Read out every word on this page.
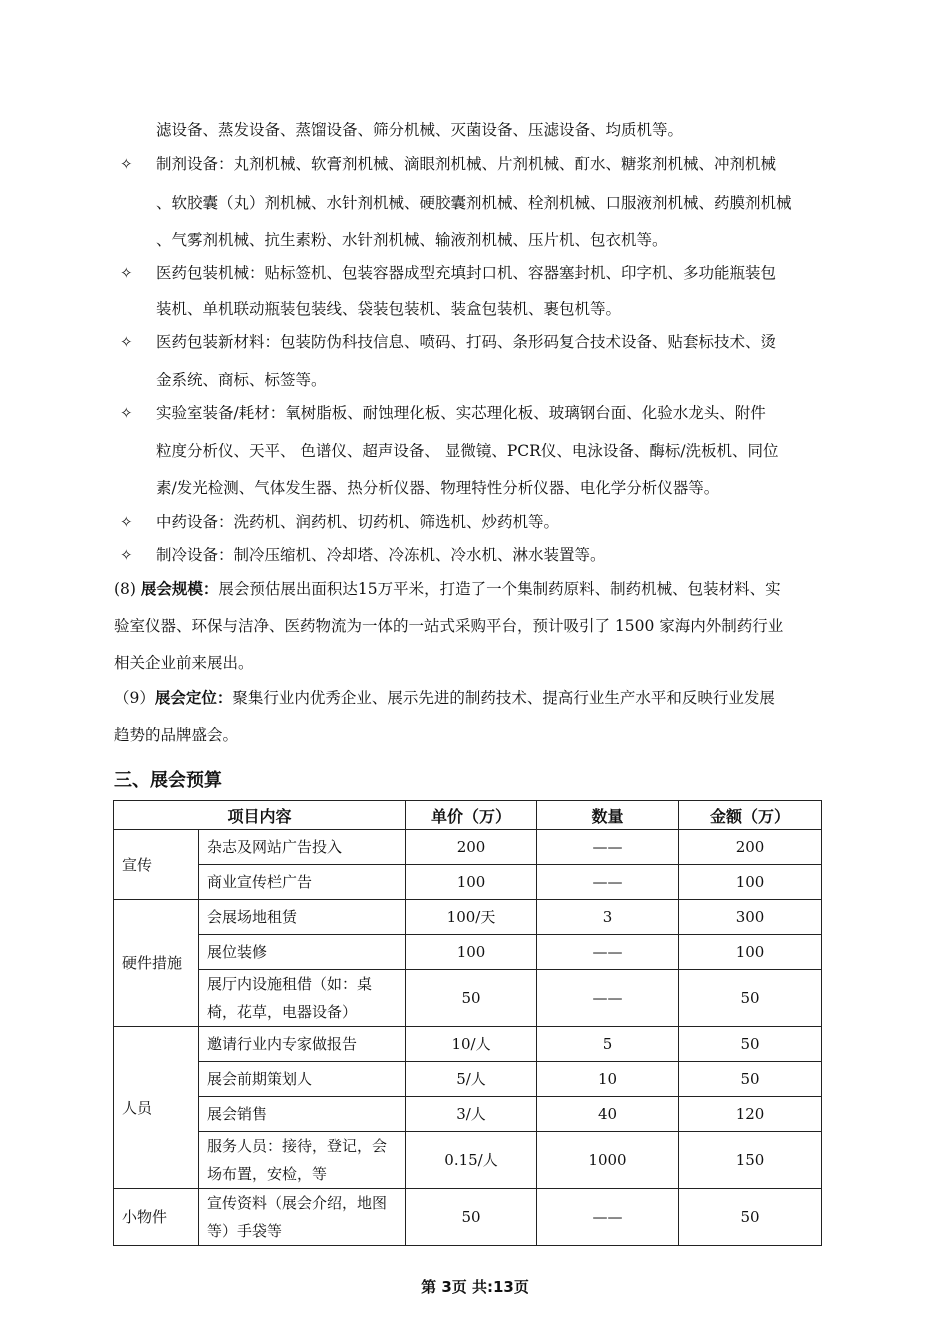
滤设备、蒸发设备、蒸馏设备、筛分机械、灭菌设备、压滤设备、均质机等。
✧ 制剂设备：丸剂机械、软膏剂机械、滴眼剂机械、片剂机械、酊水、糖浆剂机械、冲剂机械
、软胶囊（丸）剂机械、水针剂机械、硬胶囊剂机械、栓剂机械、口服液剂机械、药膜剂机械
、气雾剂机械、抗生素粉、水针剂机械、输液剂机械、压片机、包衣机等。
✧ 医药包装机械：贴标签机、包装容器成型充填封口机、容器塞封机、印字机、多功能瓶装包
装机、单机联动瓶装包装线、袋装包装机、装盒包装机、裹包机等。
✧ 医药包装新材料：包装防伪科技信息、喷码、打码、条形码复合技术设备、贴套标技术、烫
金系统、商标、标签等。
✧ 实验室装备/耗材：氧树脂板、耐蚀理化板、实芯理化板、玻璃钢台面、化验水龙头、附件
粒度分析仪、天平、 色谱仪、超声设备、 显微镜、PCR仪、电泳设备、酶标/洗板机、同位
素/发光检测、气体发生器、热分析仪器、物理特性分析仪器、电化学分析仪器等。
✧ 中药设备：洗药机、润药机、切药机、筛选机、炒药机等。
✧ 制冷设备：制冷压缩机、冷却塔、冷冻机、冷水机、淋水装置等。
(8) 展会规模：展会预估展出面积达15万平米，打造了一个集制药原料、制药机械、包装材料、实
验室仪器、环保与洁净、医药物流为一体的一站式采购平台，预计吸引了 1500 家海内外制药行业
相关企业前来展出。
（9）展会定位：聚集行业内优秀企业、展示先进的制药技术、提高行业生产水平和反映行业发展
趋势的品牌盛会。
三、展会预算
项目内容		单价（万）	数量	金额（万）
宣传	杂志及网站广告投入	200	——	200
	商业宣传栏广告	100	——	100
硬件措施	会展场地租赁	100/天	3	300
	展位装修	100	——	100
	展厅内设施租借（如：桌椅，花草，电器设备）	50	——	50
人员	邀请行业内专家做报告	10/人	5	50
	展会前期策划人	5/人	10	50
	展会销售	3/人	40	120
	服务人员：接待，登记，会场布置，安检，等	0.15/人	1000	150
小物件	宣传资料（展会介绍，地图等）手袋等	50	——	50
第 3页 共:13页
